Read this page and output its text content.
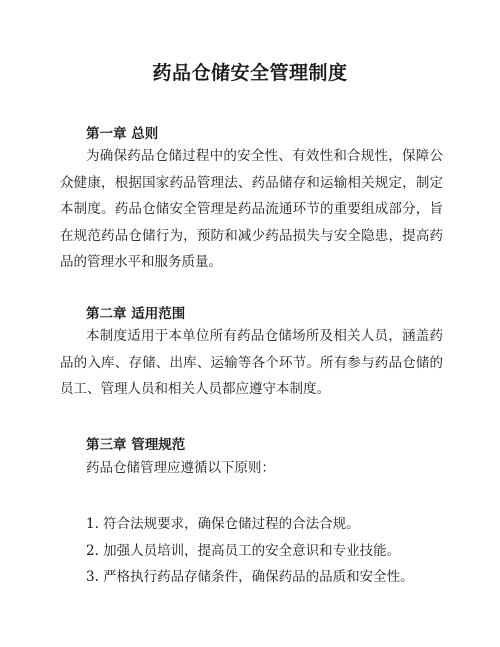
药品仓储安全管理制度
第一章 总则

为确保药品仓储过程中的安全性、有效性和合规性，保障公众健康，根据国家药品管理法、药品储存和运输相关规定，制定本制度。药品仓储安全管理是药品流通环节的重要组成部分，旨在规范药品仓储行为，预防和减少药品损失与安全隐患，提高药品的管理水平和服务质量。

第二章 适用范围

本制度适用于本单位所有药品仓储场所及相关人员，涵盖药品的入库、存储、出库、运输等各个环节。所有参与药品仓储的员工、管理人员和相关人员都应遵守本制度。

第三章 管理规范

药品仓储管理应遵循以下原则：

1. 符合法规要求，确保仓储过程的合法合规。

2. 加强人员培训，提高员工的安全意识和专业技能。

3. 严格执行药品存储条件，确保药品的品质和安全性。
